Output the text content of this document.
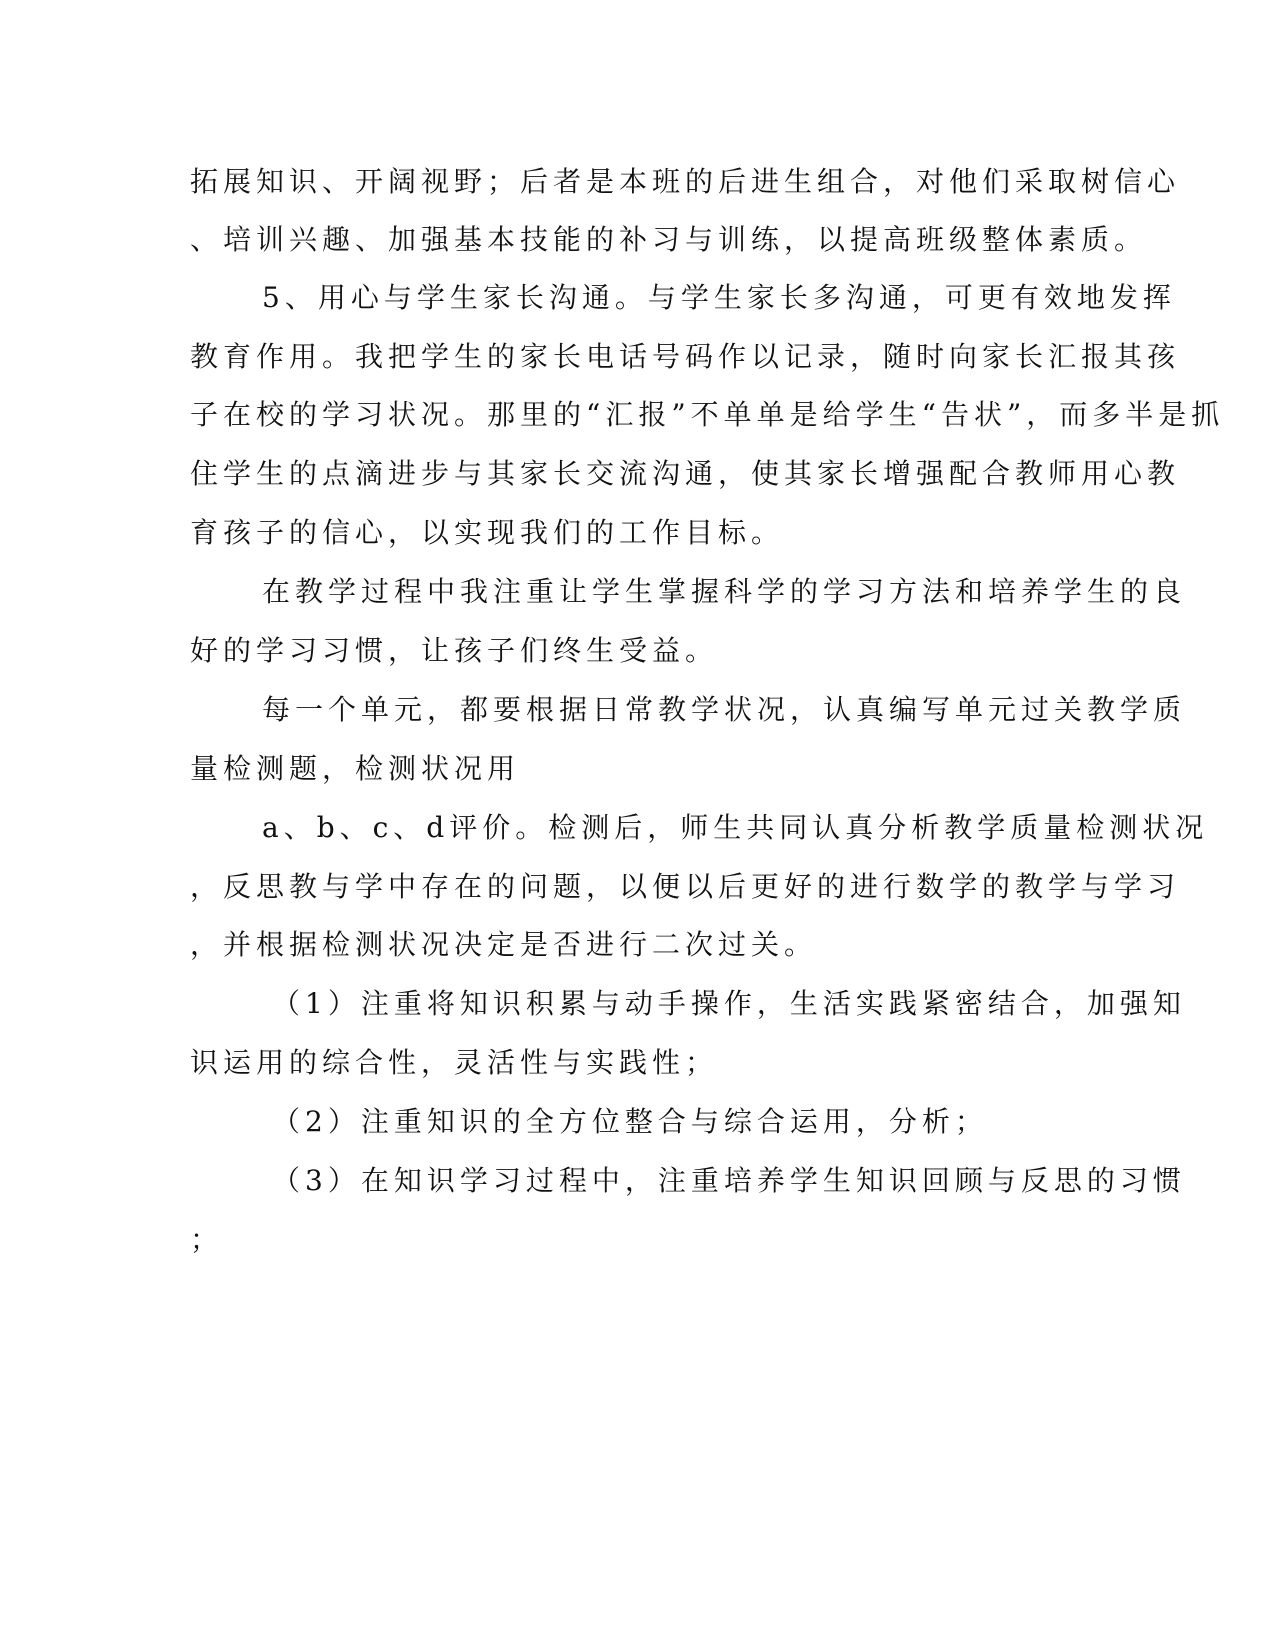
拓展知识、开阔视野；后者是本班的后进生组合，对他们采取树信心
、培训兴趣、加强基本技能的补习与训练，以提高班级整体素质。
5、用心与学生家长沟通。与学生家长多沟通，可更有效地发挥
教育作用。我把学生的家长电话号码作以记录，随时向家长汇报其孩
子在校的学习状况。那里的“汇报”不单单是给学生“告状”，而多半是抓
住学生的点滴进步与其家长交流沟通，使其家长增强配合教师用心教
育孩子的信心，以实现我们的工作目标。
在教学过程中我注重让学生掌握科学的学习方法和培养学生的良
好的学习习惯，让孩子们终生受益。
每一个单元，都要根据日常教学状况，认真编写单元过关教学质
量检测题，检测状况用
a、b、c、d评价。检测后，师生共同认真分析教学质量检测状况
，反思教与学中存在的问题，以便以后更好的进行数学的教学与学习
，并根据检测状况决定是否进行二次过关。
（1）注重将知识积累与动手操作，生活实践紧密结合，加强知
识运用的综合性，灵活性与实践性；
（2）注重知识的全方位整合与综合运用，分析；
（3）在知识学习过程中，注重培养学生知识回顾与反思的习惯
；
